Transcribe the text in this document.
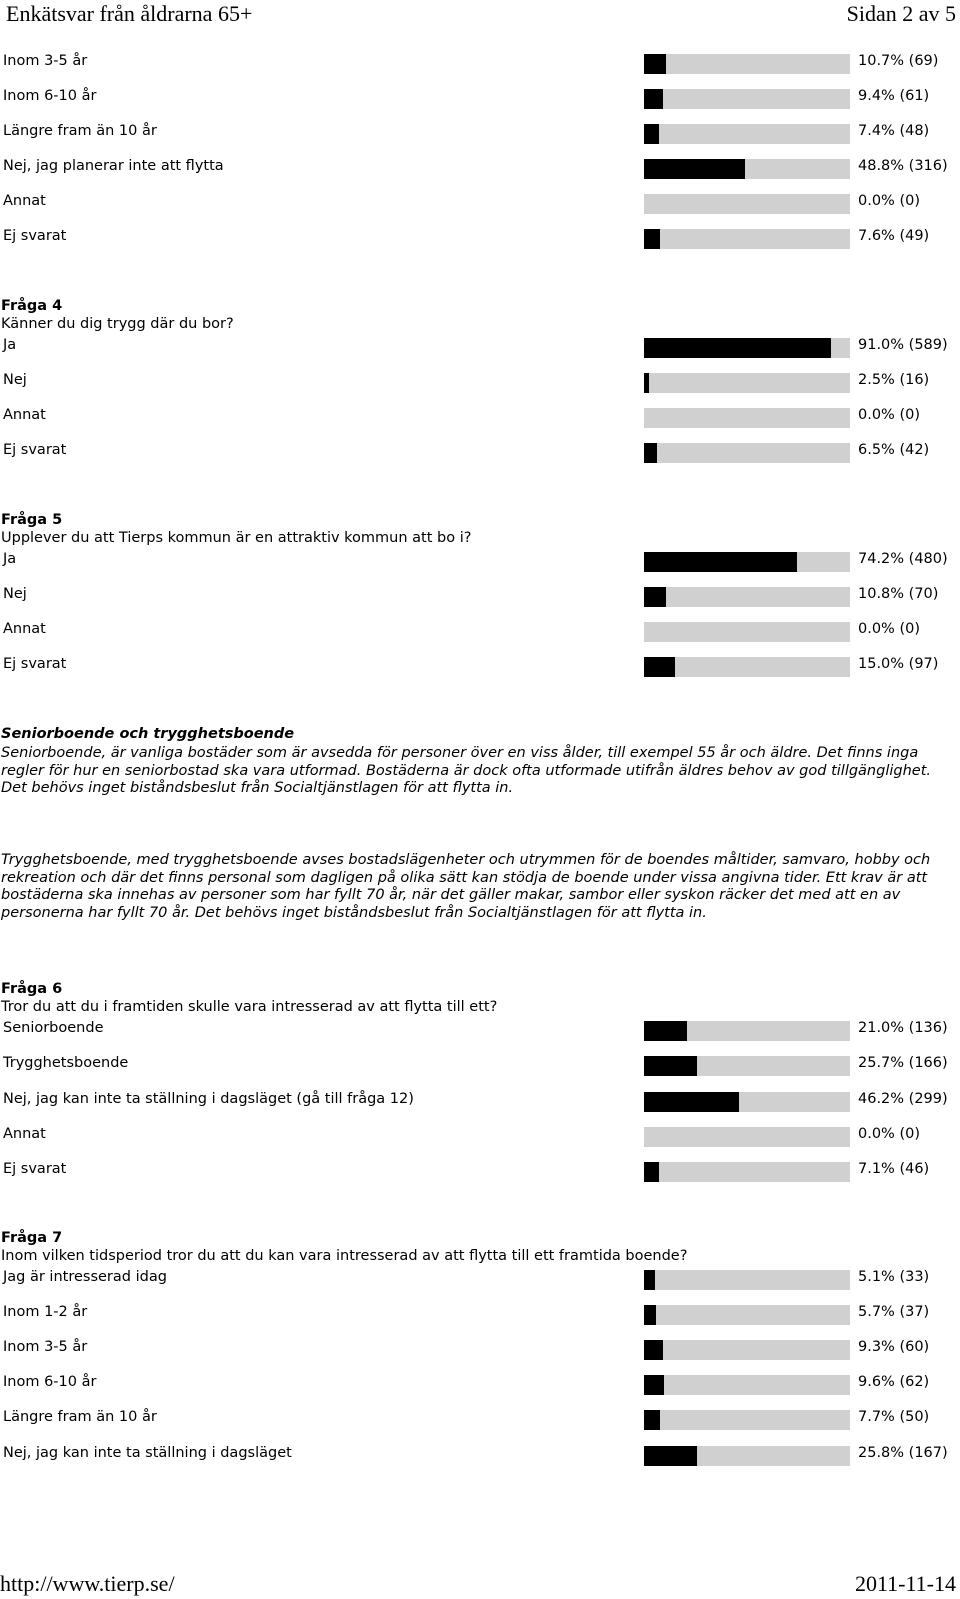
Enkätsvar från åldrarna 65+	Sidan 2 av 5
Inom 3-5 år	10.7% (69)
Inom 6-10 år	9.4% (61)
Längre fram än 10 år	7.4% (48)
Nej, jag planerar inte att flytta	48.8% (316)
Annat	0.0% (0)
Ej svarat	7.6% (49)
Fråga 4
Känner du dig trygg där du bor?
Ja	91.0% (589)
Nej	2.5% (16)
Annat	0.0% (0)
Ej svarat	6.5% (42)
Fråga 5
Upplever du att Tierps kommun är en attraktiv kommun att bo i?
Ja	74.2% (480)
Nej	10.8% (70)
Annat	0.0% (0)
Ej svarat	15.0% (97)
Seniorboende och trygghetsboende
Seniorboende, är vanliga bostäder som är avsedda för personer över en viss ålder, till exempel 55 år och äldre. Det finns inga regler för hur en seniorbostad ska vara utformad. Bostäderna är dock ofta utformade utifrån äldres behov av god tillgänglighet. Det behövs inget biståndsbeslut från Socialtjänstlagen för att flytta in.
Trygghetsboende, med trygghetsboende avses bostadslägenheter och utrymmen för de boendes måltider, samvaro, hobby och rekreation och där det finns personal som dagligen på olika sätt kan stödja de boende under vissa angivna tider. Ett krav är att bostäderna ska innehas av personer som har fyllt 70 år, när det gäller makar, sambor eller syskon räcker det med att en av personerna har fyllt 70 år. Det behövs inget biståndsbeslut från Socialtjänstlagen för att flytta in.
Fråga 6
Tror du att du i framtiden skulle vara intresserad av att flytta till ett?
Seniorboende	21.0% (136)
Trygghetsboende	25.7% (166)
Nej, jag kan inte ta ställning i dagsläget (gå till fråga 12)	46.2% (299)
Annat	0.0% (0)
Ej svarat	7.1% (46)
Fråga 7
Inom vilken tidsperiod tror du att du kan vara intresserad av att flytta till ett framtida boende?
Jag är intresserad idag	5.1% (33)
Inom 1-2 år	5.7% (37)
Inom 3-5 år	9.3% (60)
Inom 6-10 år	9.6% (62)
Längre fram än 10 år	7.7% (50)
Nej, jag kan inte ta ställning i dagsläget	25.8% (167)
http://www.tierp.se/	2011-11-14
